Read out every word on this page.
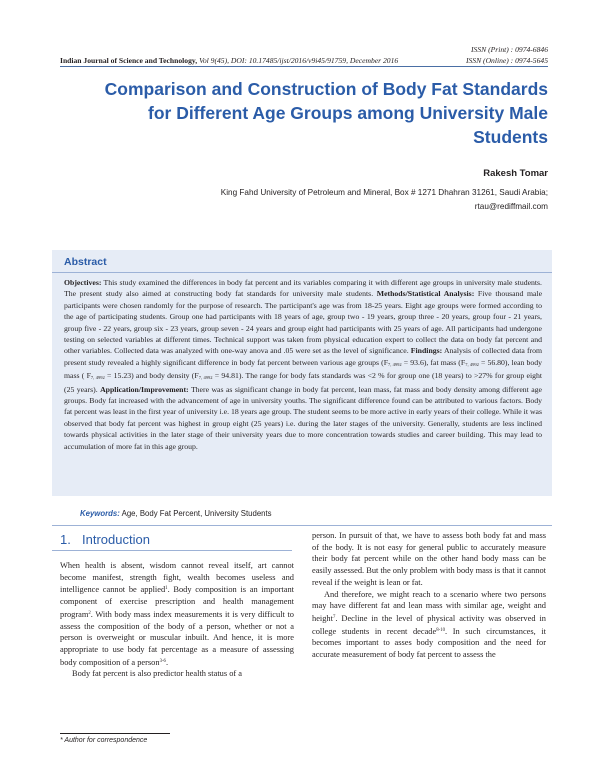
ISSN (Print) : 0974-6846
ISSN (Online) : 0974-5645
Indian Journal of Science and Technology, Vol 9(45), DOI: 10.17485/ijst/2016/v9i45/91759, December 2016
Comparison and Construction of Body Fat Standards for Different Age Groups among University Male Students
Rakesh Tomar
King Fahd University of Petroleum and Mineral, Box # 1271 Dhahran 31261, Saudi Arabia;
rtau@rediffmail.com
Abstract
Objectives: This study examined the differences in body fat percent and its variables comparing it with different age groups in university male students. The present study also aimed at constructing body fat standards for university male students. Methods/Statistical Analysis: Five thousand male participants were chosen randomly for the purpose of research. The participant's age was from 18-25 years. Eight age groups were formed according to the age of participating students. Group one had participants with 18 years of age, group two - 19 years, group three - 20 years, group four - 21 years, group five - 22 years, group six - 23 years, group seven - 24 years and group eight had participants with 25 years of age. All participants had undergone testing on selected variables at different times. Technical support was taken from physical education expert to collect the data on body fat percent and other variables. Collected data was analyzed with one-way anova and .05 were set as the level of significance. Findings: Analysis of collected data from present study revealed a highly significant difference in body fat percent between various age groups $(F_{7, 4992} = 93.6)$, fat mass $(F_{7, 4992} = 56.80)$, lean body mass ( $F_{7, 4992} = 15.23$) and body density $(F_{7, 4992} = 94.81)$. The range for body fats standards was <2 % for group one (18 years) to >27% for group eight (25 years). Application/Improvement: There was as significant change in body fat percent, lean mass, fat mass and body density among different age groups. Body fat increased with the advancement of age in university youths. The significant difference found can be attributed to various factors. Body fat percent was least in the first year of university i.e. 18 years age group. The student seems to be more active in early years of their college. While it was observed that body fat percent was highest in group eight (25 years) i.e. during the later stages of the university. Generally, students are less inclined towards physical activities in the later stage of their university years due to more concentration towards studies and career building. This may lead to accumulation of more fat in this age group.
Keywords: Age, Body Fat Percent, University Students
1. Introduction

When health is absent, wisdom cannot reveal itself, art cannot become manifest, strength fight, wealth becomes useless and intelligence cannot be applied$^1$. Body composition is an important component of exercise prescription and health management program$^2$. With body mass index measurements it is very difficult to assess the composition of the body of a person, whether or not a person is overweight or muscular inbuilt. And hence, it is more appropriate to use body fat percentage as a measure of assessing body composition of a person$^{3-6}$.

Body fat percent is also predictor health status of a

person. In pursuit of that, we have to assess both body fat and mass of the body. It is not easy for general public to accurately measure their body fat percent while on the other hand body mass can be easily assessed. But the only problem with body mass is that it cannot reveal if the weight is lean or fat.

And therefore, we might reach to a scenario where two persons may have different fat and lean mass with similar age, weight and height$^7$. Decline in the level of physical activity was observed in college students in recent decade$^{8-10}$. In such circumstances, it becomes important to asses body composition and the need for accurate measurement of body fat percent to assess the

* Author for correspondence
